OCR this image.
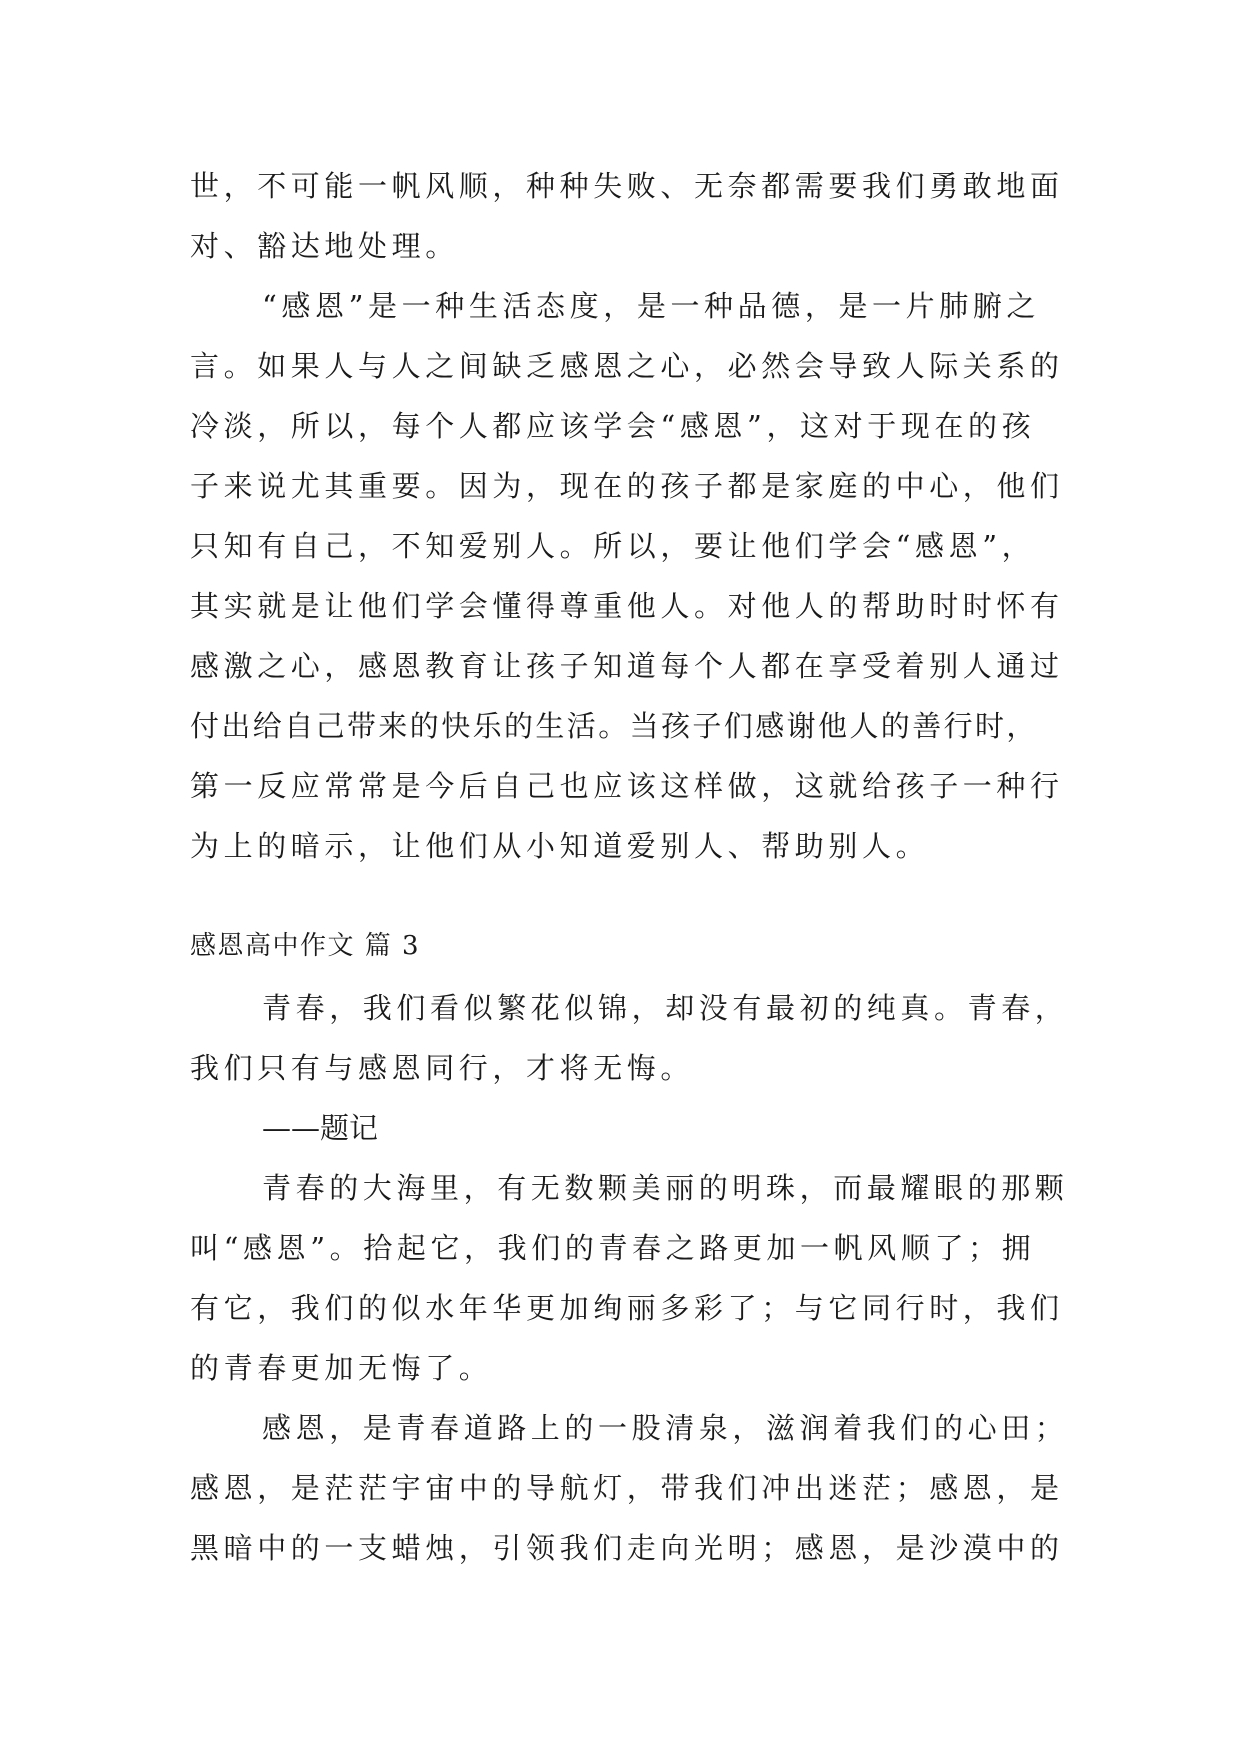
世，不可能一帆风顺，种种失败、无奈都需要我们勇敢地面
对、豁达地处理。
“感恩”是一种生活态度，是一种品德，是一片肺腑之
言。如果人与人之间缺乏感恩之心，必然会导致人际关系的
冷淡，所以，每个人都应该学会“感恩”，这对于现在的孩
子来说尤其重要。因为，现在的孩子都是家庭的中心，他们
只知有自己，不知爱别人。所以，要让他们学会“感恩”，
其实就是让他们学会懂得尊重他人。对他人的帮助时时怀有
感激之心，感恩教育让孩子知道每个人都在享受着别人通过
付出给自己带来的快乐的生活。当孩子们感谢他人的善行时，
第一反应常常是今后自己也应该这样做，这就给孩子一种行
为上的暗示，让他们从小知道爱别人、帮助别人。
感恩高中作文 篇 3
青春，我们看似繁花似锦，却没有最初的纯真。青春，
我们只有与感恩同行，才将无悔。
——题记
青春的大海里，有无数颗美丽的明珠，而最耀眼的那颗
叫“感恩”。拾起它，我们的青春之路更加一帆风顺了；拥
有它，我们的似水年华更加绚丽多彩了；与它同行时，我们
的青春更加无悔了。
感恩，是青春道路上的一股清泉，滋润着我们的心田；
感恩，是茫茫宇宙中的导航灯，带我们冲出迷茫；感恩，是
黑暗中的一支蜡烛，引领我们走向光明；感恩，是沙漠中的
